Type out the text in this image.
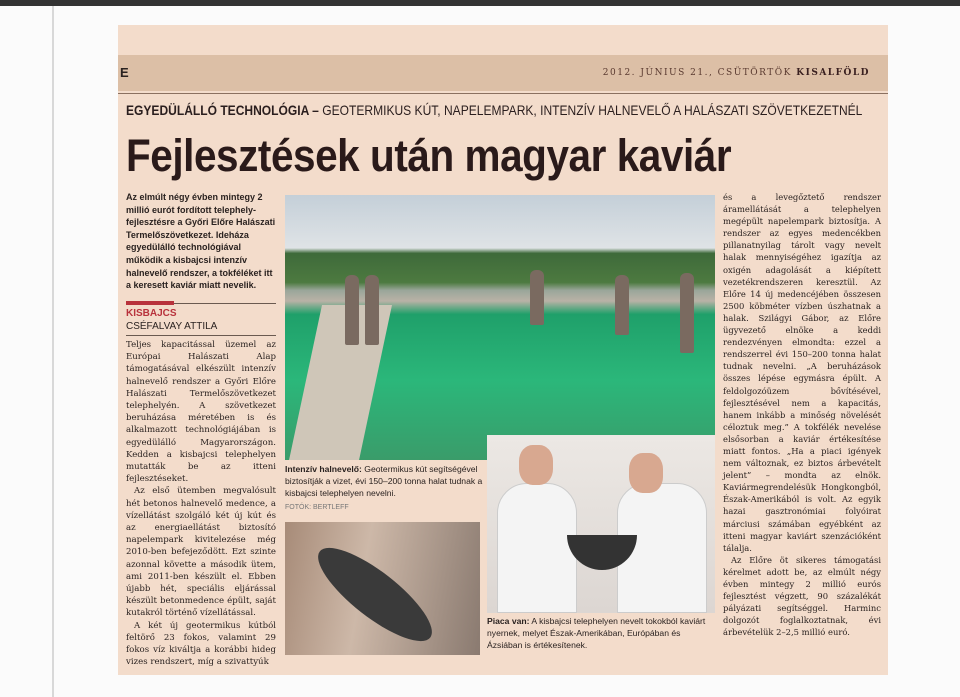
E	2012. JÚNIUS 21., CSÜTÖRTÖK KISALFÖLD
EGYEDÜLÁLLÓ TECHNOLÓGIA – GEOTERMIKUS KÚT, NAPELEMPARK, INTENZÍV HALNEVELŐ A HALÁSZATI SZÖVETKEZETNÉL
Fejlesztések után magyar kaviár
Az elmúlt négy évben mintegy 2 millió eurót fordított telephely-fejlesztésre a Győri Előre Halászati Termelőszövetkezet. Ideháza egyedülálló technológiával működik a kisbajcsi intenzív halnevelő rendszer, a tokféléket itt a keresett kaviár miatt nevelik.
KISBAJCS
CSÉFALVAY ATTILA

Teljes kapacitással üzemel az Európai Halászati Alap támogatásával elkészült intenzív halnevelő rendszer a Győri Előre Halászati Termelőszövetkezet telephelyén. A szövetkezet beruházása méretében is és alkalmazott technológiájában is egyedülálló Magyarországon. Kedden a kisbajcsi telephelyen mutatták be az itteni fejlesztéseket.

Az első ütemben megvalósult hét betonos halnevelő medence, a vízellátást szolgáló két új kút és az energiaellátást biztosító napelempark kivitelezése még 2010-ben befejeződött. Ezt szinte azonnal követte a második ütem, ami 2011-ben készült el. Ebben újabb hét, speciális eljárással készült betonmedence épült, saját kutakról történő vízellátással.

A két új geotermikus kútból feltörő 23 fokos, valamint 29 fokos víz kiváltja a korábbi hideg vizes rendszert, míg a szivattyúk

Intenzív halnevelő: Geotermikus kút segítségével biztosítják a vizet, évi 150–200 tonna halat tudnak a kisbajcsi telephelyen nevelni.
FOTÓK: BERTLEFF
Piaca van: A kisbajcsi telephelyen nevelt tokokból kaviárt nyernek, melyet Észak-Amerikában, Európában és Ázsiában is értékesítenek.

és a levegőztető rendszer áramellátását a telephelyen megépült napelempark biztosítja. A rendszer az egyes medencékben pillanatnyilag tárolt vagy nevelt halak mennyiségéhez igazítja az oxigén adagolását a kiépített vezetékrendszeren keresztül. Az Előre 14 új medencéjében összesen 2500 köbméter vízben úszhatnak a halak. Szilágyi Gábor, az Előre ügyvezető elnöke a keddi rendezvényen elmondta: ezzel a rendszerrel évi 150–200 tonna halat tudnak nevelni. „A beruházások összes lépése egymásra épült. A feldolgozóüzem bővítésével, fejlesztésével nem a kapacitás, hanem inkább a minőség növelését céloztuk meg.” A tokfélék nevelése elsősorban a kaviár értékesítése miatt fontos. „Ha a piaci igények nem változnak, ez biztos árbevételt jelent” – mondta az elnök. Kaviármegrendelésük Hongkongból, Észak-Amerikából is volt. Az egyik hazai gasztronómiai folyóirat márciusi számában egyébként az itteni magyar kaviárt szenzációként tálalja.

Az Előre öt sikeres támogatási kérelmet adott be, az elmúlt négy évben mintegy 2 millió eurós fejlesztést végzett, 90 százalékát pályázati segítséggel. Harminc dolgozót foglalkoztatnak, évi árbevételük 2–2,5 millió euró.
